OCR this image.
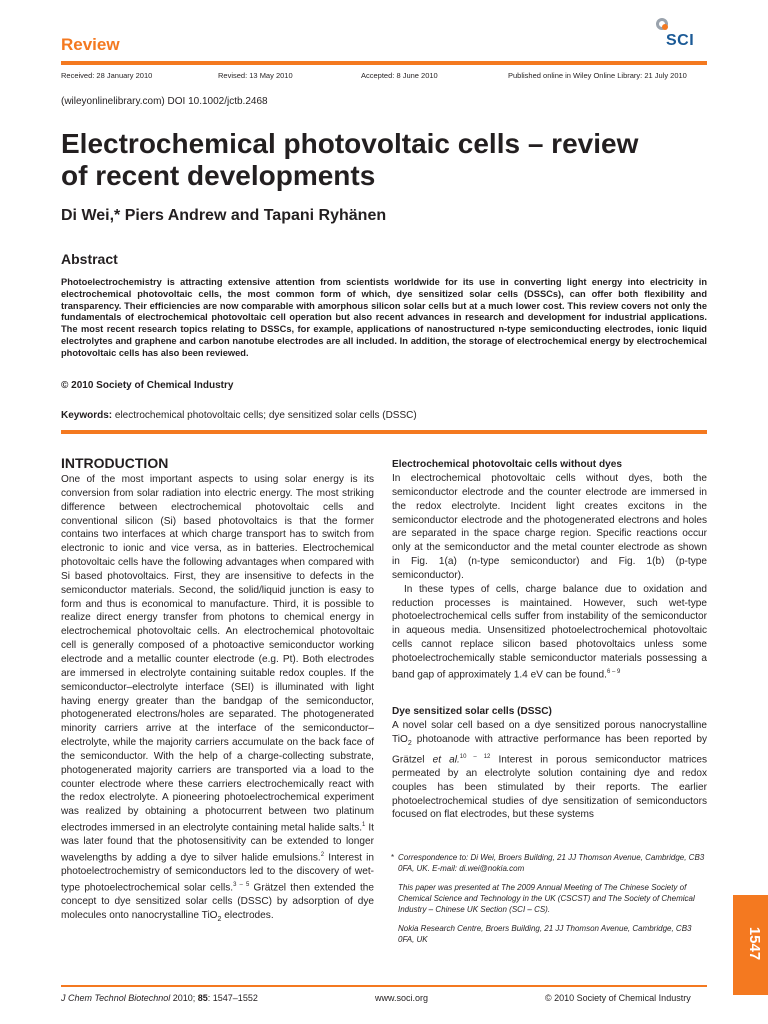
Review	SCI
Received: 28 January 2010	Revised: 13 May 2010	Accepted: 8 June 2010	Published online in Wiley Online Library: 21 July 2010
(wileyonlinelibrary.com) DOI 10.1002/jctb.2468
Electrochemical photovoltaic cells – review
of recent developments
Di Wei,* Piers Andrew and Tapani Ryhänen
Abstract
Photoelectrochemistry is attracting extensive attention from scientists worldwide for its use in converting light energy into electricity in electrochemical photovoltaic cells, the most common form of which, dye sensitized solar cells (DSSCs), can offer both flexibility and transparency. Their efficiencies are now comparable with amorphous silicon solar cells but at a much lower cost. This review covers not only the fundamentals of electrochemical photovoltaic cell operation but also recent advances in research and development for industrial applications. The most recent research topics relating to DSSCs, for example, applications of nanostructured n-type semiconducting electrodes, ionic liquid electrolytes and graphene and carbon nanotube electrodes are all included. In addition, the storage of electrochemical energy by electrochemical photovoltaic cells has also been reviewed.
© 2010 Society of Chemical Industry
Keywords: electrochemical photovoltaic cells; dye sensitized solar cells (DSSC)
INTRODUCTION

One of the most important aspects to using solar energy is its conversion from solar radiation into electric energy. The most striking difference between electrochemical photovoltaic cells and conventional silicon (Si) based photovoltaics is that the former contains two interfaces at which charge transport has to switch from electronic to ionic and vice versa, as in batteries. Electrochemical photovoltaic cells have the following advantages when compared with Si based photovoltaics. First, they are insensitive to defects in the semiconductor materials. Second, the solid/liquid junction is easy to form and thus is economical to manufacture. Third, it is possible to realize direct energy transfer from photons to chemical energy in electrochemical photovoltaic cells. An electrochemical photovoltaic cell is generally composed of a photoactive semiconductor working electrode and a metallic counter electrode (e.g. Pt). Both electrodes are immersed in electrolyte containing suitable redox couples. If the semiconductor–electrolyte interface (SEI) is illuminated with light having energy greater than the bandgap of the semiconductor, photogenerated electrons/holes are separated. The photogenerated minority carriers arrive at the interface of the semiconductor–electrolyte, while the majority carriers accumulate on the back face of the semiconductor. With the help of a charge-collecting substrate, photogenerated majority carriers are transported via a load to the counter electrode where these carriers electrochemically react with the redox electrolyte. A pioneering photoelectrochemical experiment was realized by obtaining a photocurrent between two platinum electrodes immersed in an electrolyte containing metal halide salts.$^1$ It was later found that the photosensitivity can be extended to longer wavelengths by adding a dye to silver halide emulsions.$^2$ Interest in photoelectrochemistry of semiconductors led to the discovery of wet-type photoelectrochemical solar cells.$^{3 - 5}$ Grätzel then extended the concept to dye sensitized solar cells (DSSC) by adsorption of dye molecules onto nanocrystalline TiO$_2$ electrodes.

Electrochemical photovoltaic cells without dyes

In electrochemical photovoltaic cells without dyes, both the semiconductor electrode and the counter electrode are immersed in the redox electrolyte. Incident light creates excitons in the semiconductor electrode and the photogenerated electrons and holes are separated in the space charge region. Specific reactions occur only at the semiconductor and the metal counter electrode as shown in Fig. 1(a) (n-type semiconductor) and Fig. 1(b) (p-type semiconductor).

In these types of cells, charge balance due to oxidation and reduction processes is maintained. However, such wet-type photoelectrochemical cells suffer from instability of the semiconductor in aqueous media. Unsensitized photoelectrochemical photovoltaic cells cannot replace silicon based photovoltaics unless some photoelectrochemically stable semiconductor materials possessing a band gap of approximately 1.4 eV can be found.$^{6 - 9}$

Dye sensitized solar cells (DSSC)

A novel solar cell based on a dye sensitized porous nanocrystalline TiO$_2$ photoanode with attractive performance has been reported by Grätzel et al.$^{10 - 12}$ Interest in porous semiconductor matrices permeated by an electrolyte solution containing dye and redox couples has been stimulated by their reports. The earlier photoelectrochemical studies of dye sensitization of semiconductors focused on flat electrodes, but these systems

* Correspondence to: Di Wei, Broers Building, 21 JJ Thomson Avenue, Cambridge, CB3 0FA, UK. E-mail: di.wei@nokia.com

This paper was presented at The 2009 Annual Meeting of The Chinese Society of Chemical Science and Technology in the UK (CSCST) and The Society of Chemical Industry – Chinese UK Section (SCI – CS).

Nokia Research Centre, Broers Building, 21 JJ Thomson Avenue, Cambridge, CB3 0FA, UK	1547
J Chem Technol Biotechnol 2010; 85: 1547–1552	www.soci.org	© 2010 Society of Chemical Industry
